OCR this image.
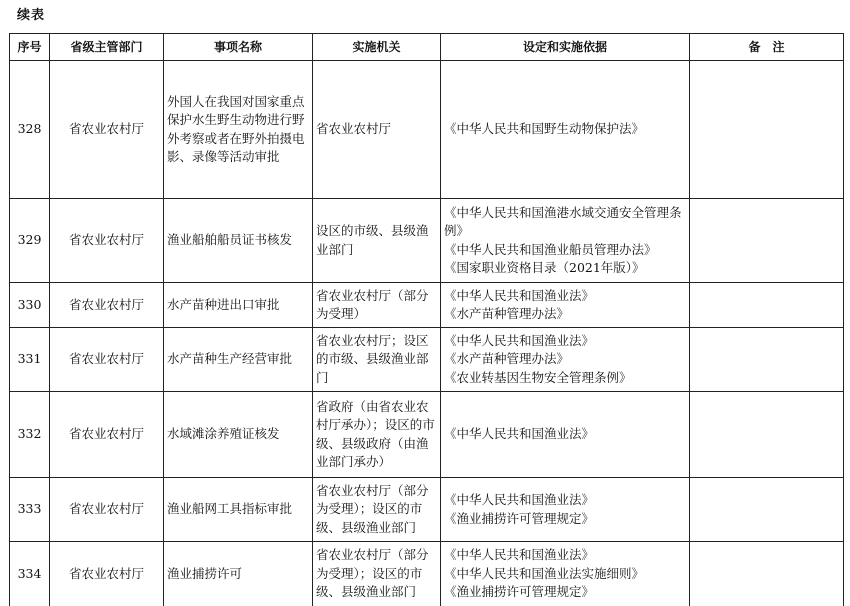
续表
序号	省级主管部门	事项名称	实施机关	设定和实施依据	备　注
328	省农业农村厅	外国人在我国对国家重点保护水生野生动物进行野外考察或者在野外拍摄电影、录像等活动审批	省农业农村厅	《中华人民共和国野生动物保护法》	

329	省农业农村厅	渔业船舶船员证书核发	设区的市级、县级渔业部门	《中华人民共和国渔港水域交通安全管理条例》
《中华人民共和国渔业船员管理办法》
《国家职业资格目录（2021年版）》	

330	省农业农村厅	水产苗种进出口审批	省农业农村厅（部分为受理）	《中华人民共和国渔业法》
《水产苗种管理办法》	

331	省农业农村厅	水产苗种生产经营审批	省农业农村厅；设区的市级、县级渔业部门	《中华人民共和国渔业法》
《水产苗种管理办法》
《农业转基因生物安全管理条例》	

332	省农业农村厅	水域滩涂养殖证核发	省政府（由省农业农村厅承办）；设区的市级、县级政府（由渔业部门承办）	《中华人民共和国渔业法》	

333	省农业农村厅	渔业船网工具指标审批	省农业农村厅（部分为受理）；设区的市级、县级渔业部门	《中华人民共和国渔业法》
《渔业捕捞许可管理规定》	

334	省农业农村厅	渔业捕捞许可	省农业农村厅（部分为受理）；设区的市级、县级渔业部门	《中华人民共和国渔业法》
《中华人民共和国渔业法实施细则》
《渔业捕捞许可管理规定》	
